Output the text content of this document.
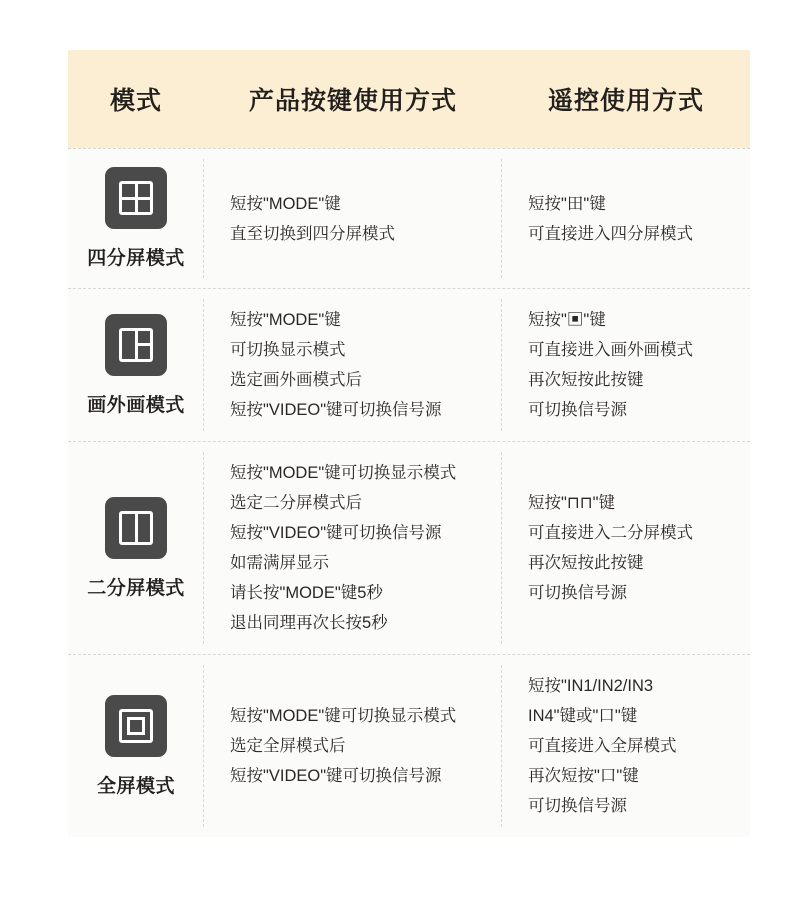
模式	产品按键使用方式	遥控使用方式
四分屏模式
短按"MODE"键
直至切换到四分屏模式
短按"田"键
可直接进入四分屏模式
画外画模式
短按"MODE"键
可切换显示模式
选定画外画模式后
短按"VIDEO"键可切换信号源
短按"▣"键
可直接进入画外画模式
再次短按此按键
可切换信号源
二分屏模式
短按"MODE"键可切换显示模式
选定二分屏模式后
短按"VIDEO"键可切换信号源
如需满屏显示
请长按"MODE"键5秒
退出同理再次长按5秒
短按"⊓⊓"键
可直接进入二分屏模式
再次短按此按键
可切换信号源
全屏模式
短按"MODE"键可切换显示模式
选定全屏模式后
短按"VIDEO"键可切换信号源
短按"IN1/IN2/IN3
IN4"键或"口"键
可直接进入全屏模式
再次短按"口"键
可切换信号源
